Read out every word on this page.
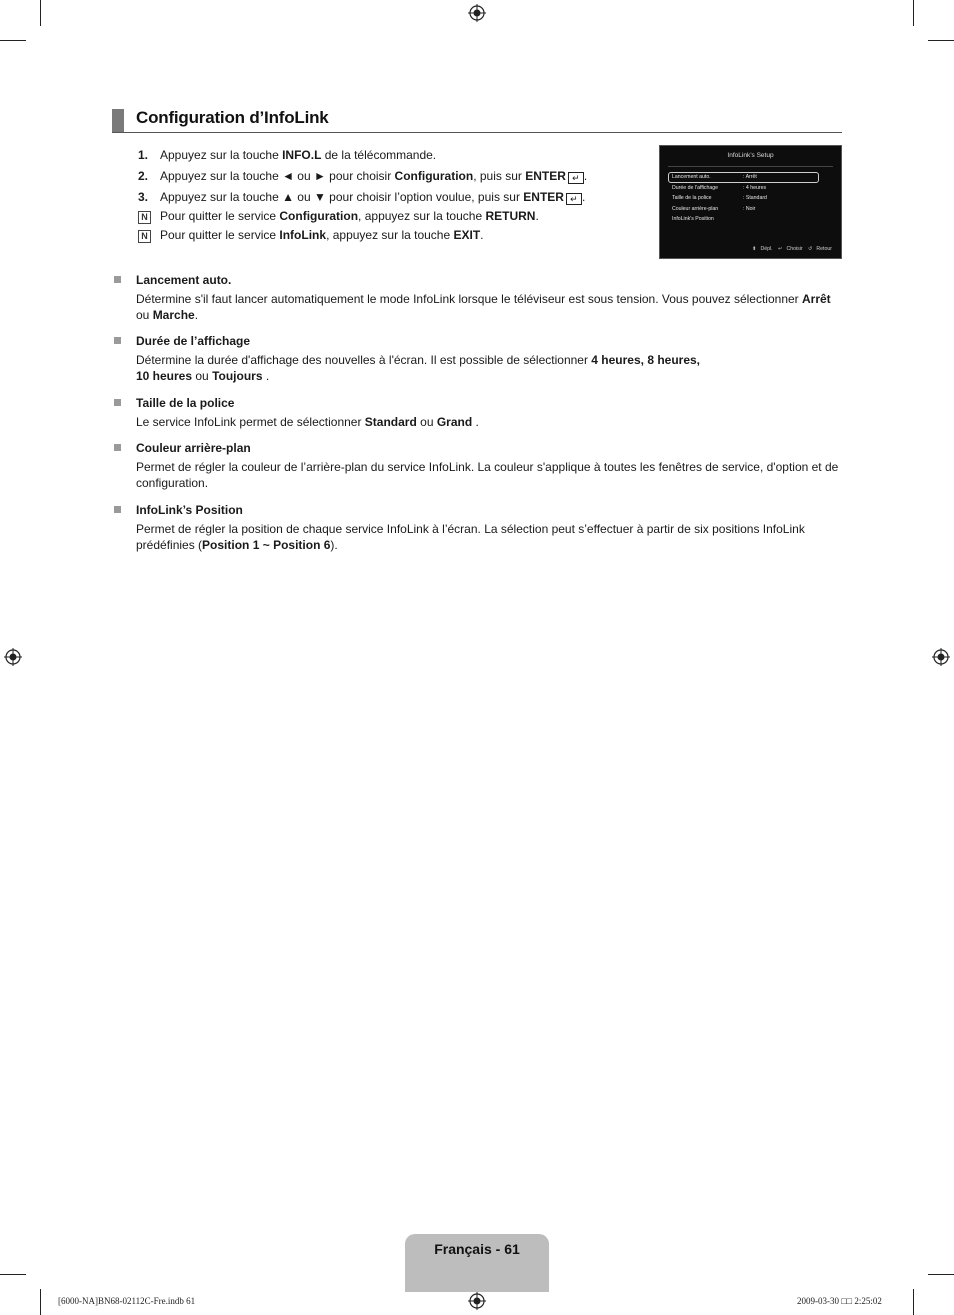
Configuration d’InfoLink
1. Appuyez sur la touche INFO.L de la télécommande.
2. Appuyez sur la touche ◄ ou ► pour choisir Configuration, puis sur ENTER ↵ .
3. Appuyez sur la touche ▲ ou ▼ pour choisir l’option voulue, puis sur ENTER ↵ .
N Pour quitter le service Configuration, appuyez sur la touche RETURN.
N Pour quitter le service InfoLink, appuyez sur la touche EXIT.
InfoLink’s Setup
Lancement auto.	: Arrêt
Durée de l’affichage	: 4 heures
Taille de la police	: Standard
Couleur arrière-plan	: Noir
InfoLink’s Position
⬍ Dépl. ↵ Choisir ↺ Retour
Lancement auto.
Détermine s'il faut lancer automatiquement le mode InfoLink lorsque le téléviseur est sous tension. Vous pouvez sélectionner Arrêt ou Marche.
Durée de l’affichage
Détermine la durée d'affichage des nouvelles à l'écran. Il est possible de sélectionner 4 heures, 8 heures,
10 heures ou Toujours .
Taille de la police
Le service InfoLink permet de sélectionner Standard ou Grand .
Couleur arrière-plan
Permet de régler la couleur de l’arrière-plan du service InfoLink. La couleur s'applique à toutes les fenêtres de service, d'option et de configuration.
InfoLink’s Position
Permet de régler la position de chaque service InfoLink à l’écran. La sélection peut s’effectuer à partir de six positions InfoLink prédéfinies (Position 1 ~ Position 6).
Français - 61
[6000-NA]BN68-02112C-Fre.indb 61	2009-03-30 □□ 2:25:02
